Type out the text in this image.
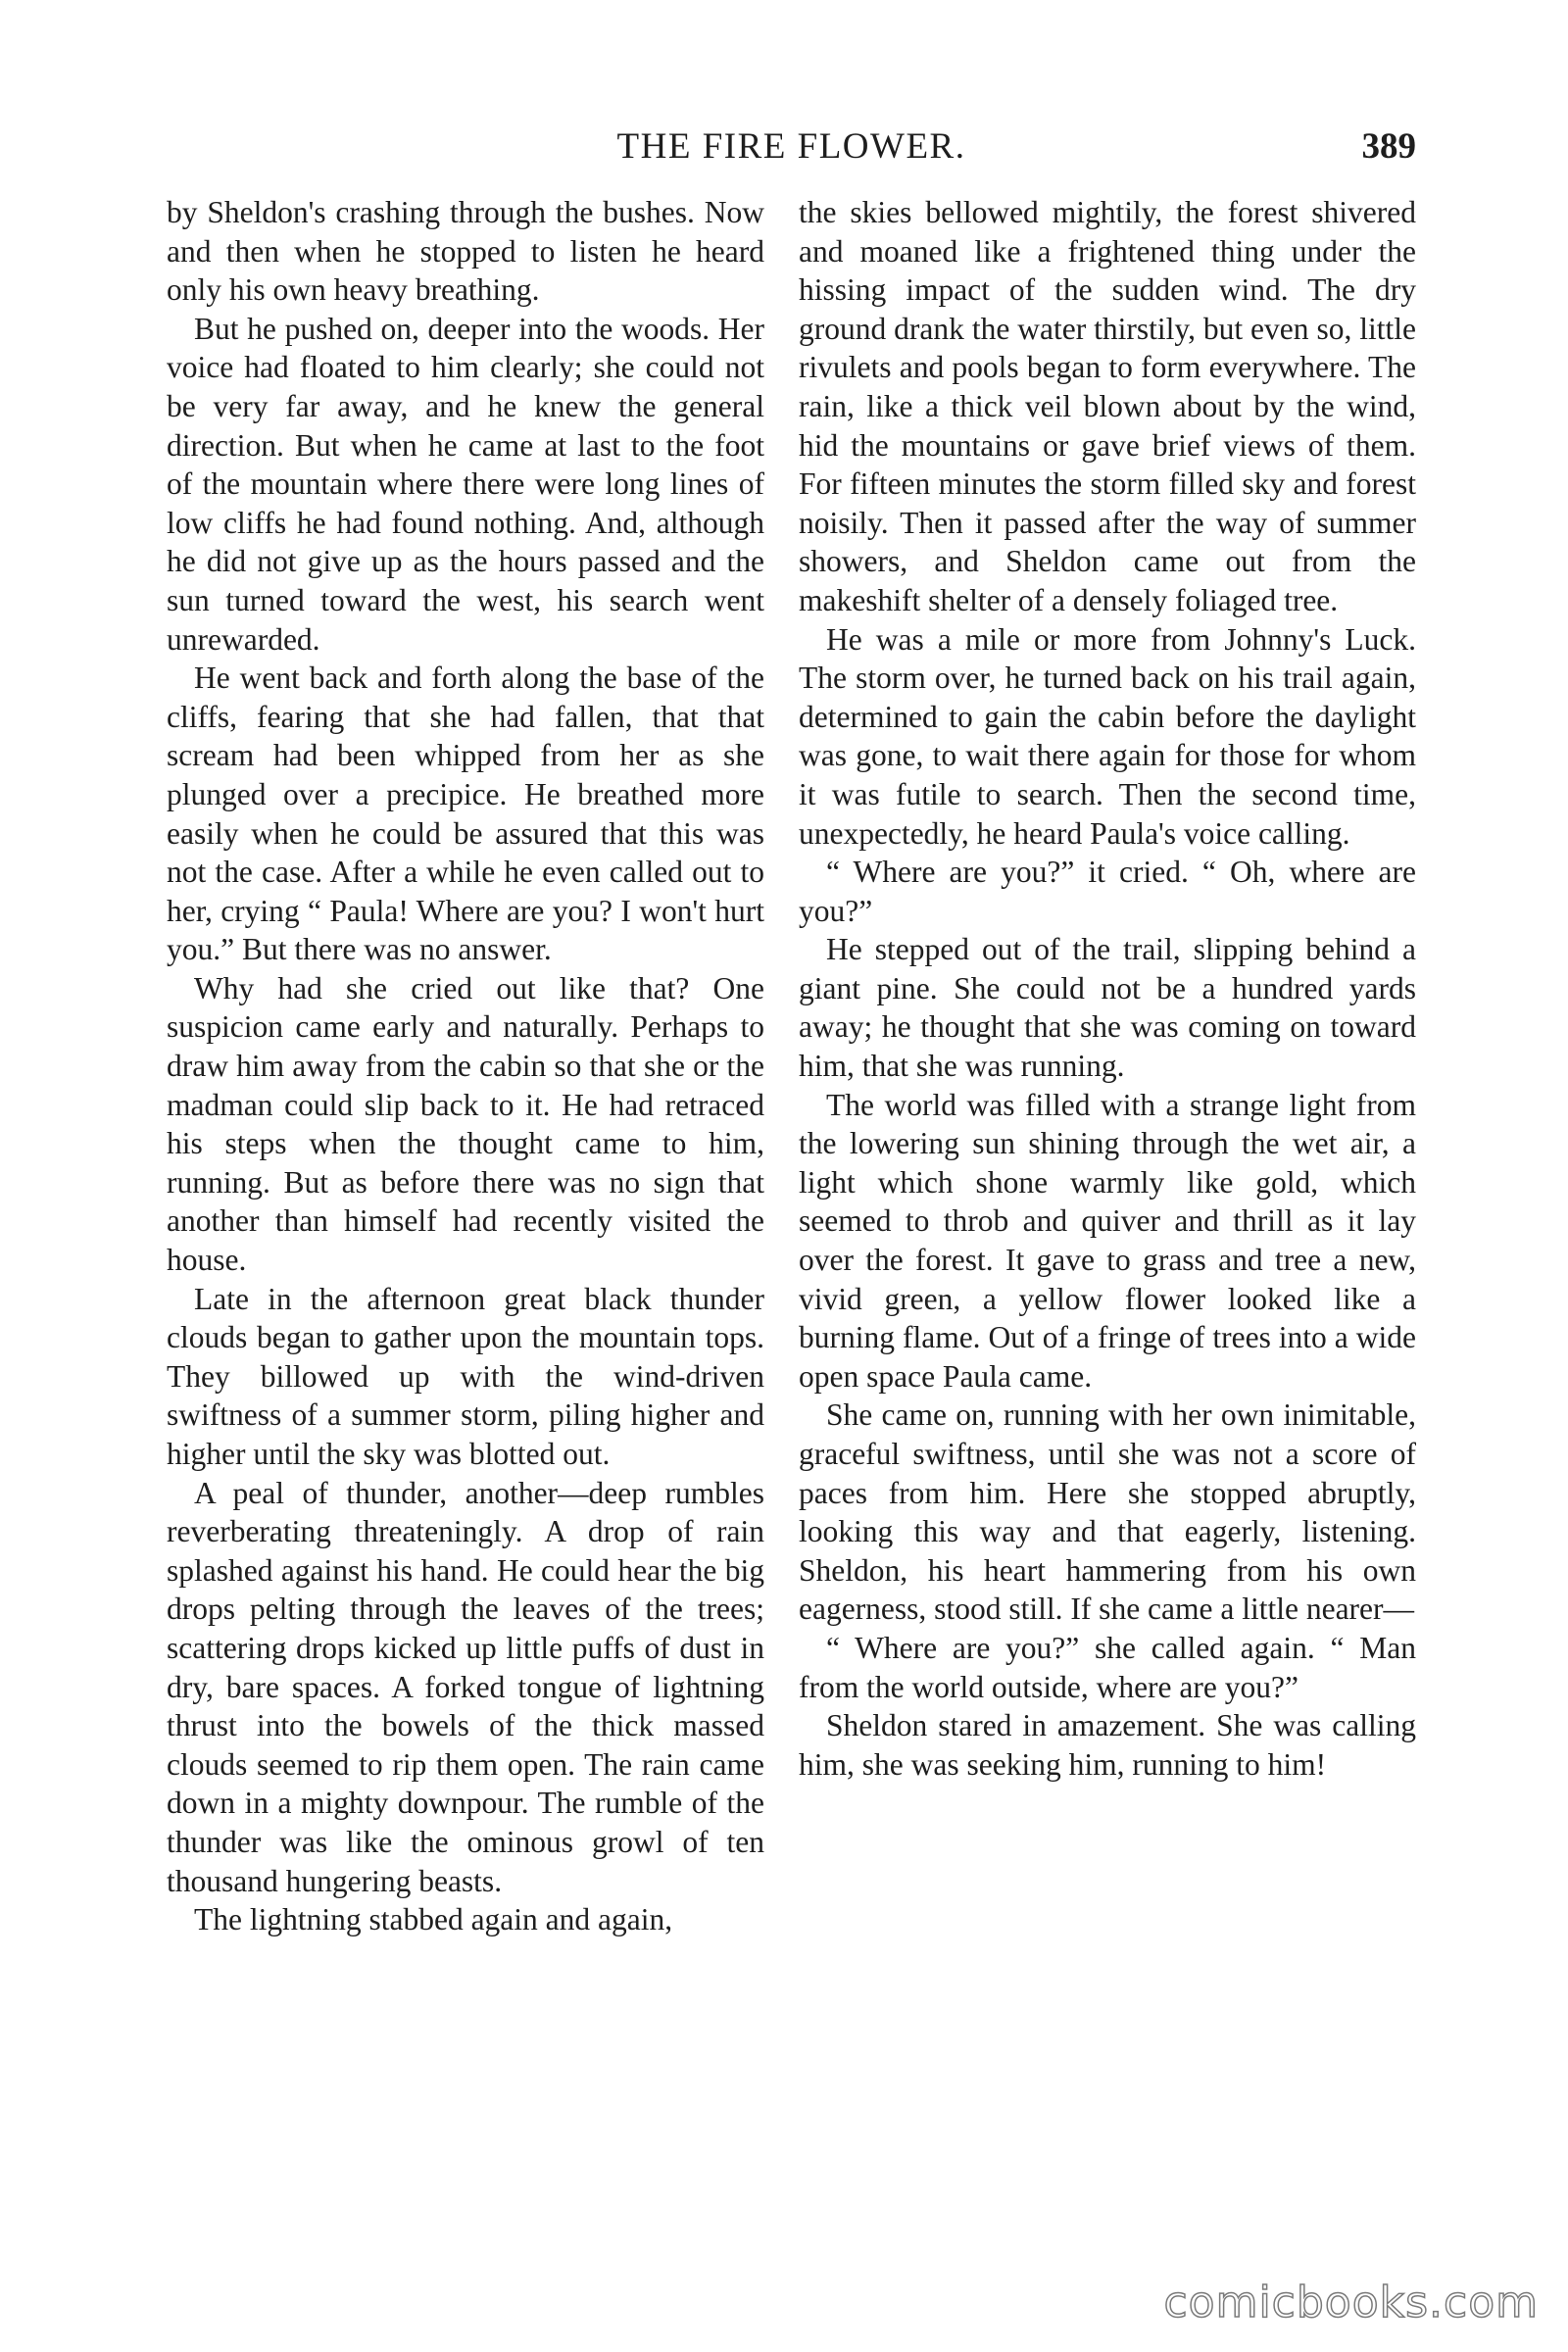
THE FIRE FLOWER.	389

by Sheldon's crashing through the bushes. Now and then when he stopped to listen he heard only his own heavy breathing.

But he pushed on, deeper into the woods. Her voice had floated to him clearly; she could not be very far away, and he knew the general direction. But when he came at last to the foot of the mountain where there were long lines of low cliffs he had found nothing. And, although he did not give up as the hours passed and the sun turned toward the west, his search went unrewarded.

He went back and forth along the base of the cliffs, fearing that she had fallen, that that scream had been whipped from her as she plunged over a precipice. He breathed more easily when he could be assured that this was not the case. After a while he even called out to her, crying “ Paula! Where are you? I won't hurt you.” But there was no answer.

Why had she cried out like that? One suspicion came early and naturally. Perhaps to draw him away from the cabin so that she or the madman could slip back to it. He had retraced his steps when the thought came to him, running. But as before there was no sign that another than himself had recently visited the house.

Late in the afternoon great black thunder clouds began to gather upon the mountain tops. They billowed up with the wind-driven swiftness of a summer storm, piling higher and higher until the sky was blotted out.

A peal of thunder, another—deep rumbles reverberating threateningly. A drop of rain splashed against his hand. He could hear the big drops pelting through the leaves of the trees; scattering drops kicked up little puffs of dust in dry, bare spaces. A forked tongue of lightning thrust into the bowels of the thick massed clouds seemed to rip them open. The rain came down in a mighty downpour. The rumble of the thunder was like the ominous growl of ten thousand hungering beasts.

The lightning stabbed again and again,

the skies bellowed mightily, the forest shivered and moaned like a frightened thing under the hissing impact of the sudden wind. The dry ground drank the water thirstily, but even so, little rivulets and pools began to form everywhere. The rain, like a thick veil blown about by the wind, hid the mountains or gave brief views of them. For fifteen minutes the storm filled sky and forest noisily. Then it passed after the way of summer showers, and Sheldon came out from the makeshift shelter of a densely foliaged tree.

He was a mile or more from Johnny's Luck. The storm over, he turned back on his trail again, determined to gain the cabin before the daylight was gone, to wait there again for those for whom it was futile to search. Then the second time, unexpectedly, he heard Paula's voice calling.

“ Where are you?” it cried. “ Oh, where are you?”

He stepped out of the trail, slipping behind a giant pine. She could not be a hundred yards away; he thought that she was coming on toward him, that she was running.

The world was filled with a strange light from the lowering sun shining through the wet air, a light which shone warmly like gold, which seemed to throb and quiver and thrill as it lay over the forest. It gave to grass and tree a new, vivid green, a yellow flower looked like a burning flame. Out of a fringe of trees into a wide open space Paula came.

She came on, running with her own inimitable, graceful swiftness, until she was not a score of paces from him. Here she stopped abruptly, looking this way and that eagerly, listening. Sheldon, his heart hammering from his own eagerness, stood still. If she came a little nearer—

“ Where are you?” she called again. “ Man from the world outside, where are you?”

Sheldon stared in amazement. She was calling him, she was seeking him, running to him!

comicbooks.com
